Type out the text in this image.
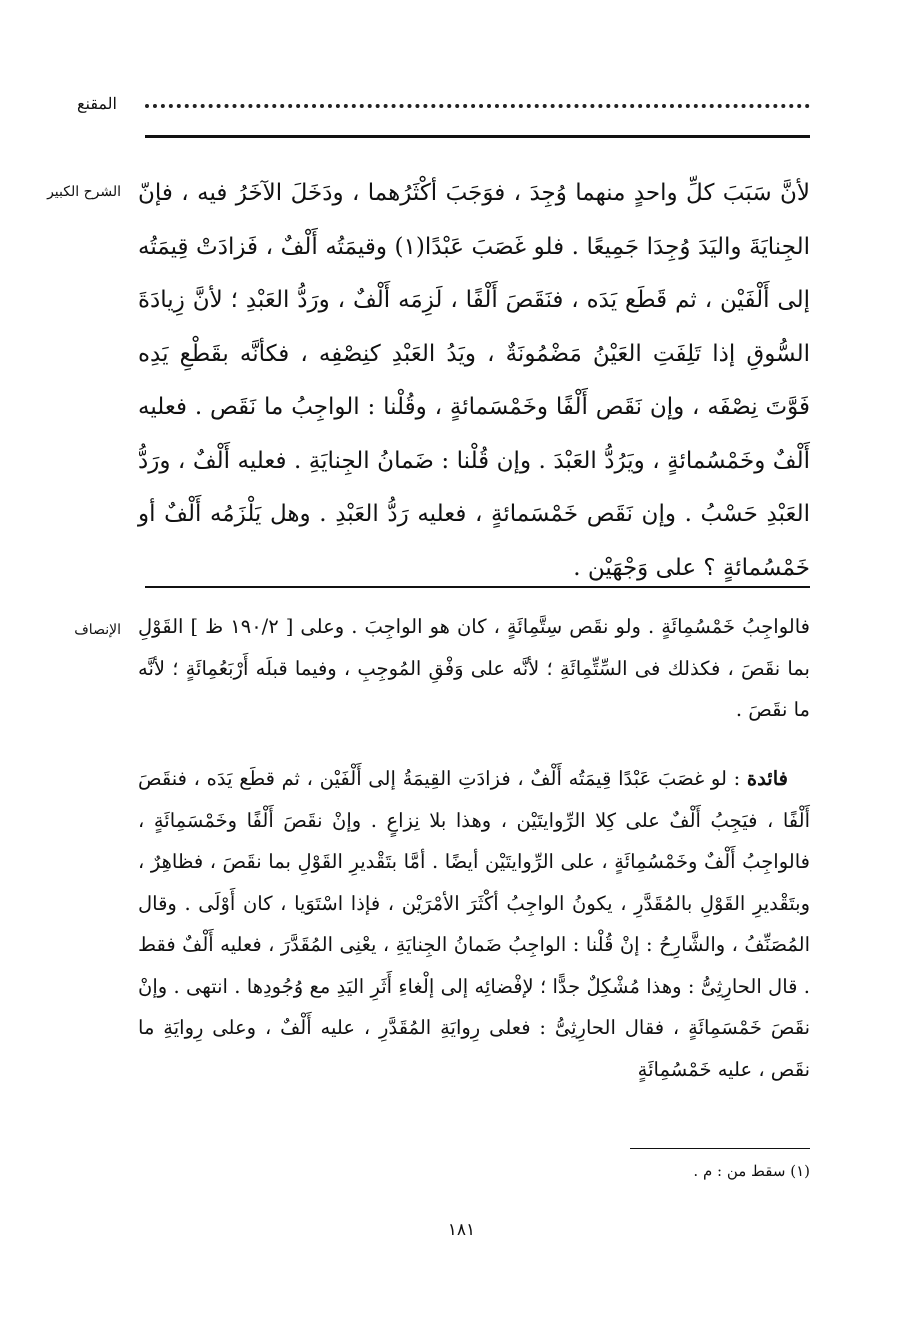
المقنع
الشرح الكبير لأنَّ سَبَبَ كلِّ واحدٍ منهما وُجِدَ ، فوَجَبَ أكْثَرُهما ، ودَخَلَ الآخَرُ فيه ، فإنّ الجِنايَةَ واليَدَ وُجِدَا جَمِيعًا . فلو غَصَبَ عَبْدًا(١) وقيمَتُه أَلْفٌ ، فَزادَتْ قِيمَتُه إلى أَلْفَيْن ، ثم قَطَع يَدَه ، فنَقَصَ أَلْفًا ، لَزِمَه أَلْفٌ ، ورَدُّ العَبْدِ ؛ لأنَّ زِيادَةَ السُّوقِ إذا تَلِفَتِ العَيْنُ مَضْمُونَةٌ ، ويَدُ العَبْدِ كنِصْفِه ، فكأنَّه بقَطْعِ يَدِه فَوَّتَ نِصْفَه ، وإن نَقَص أَلْفًا وخَمْسَمائةٍ ، وقُلْنا : الواجِبُ ما نَقَص . فعليه أَلْفٌ وخَمْسُمائةٍ ، ويَرُدُّ العَبْدَ . وإن قُلْنا : ضَمانُ الجِنايَةِ . فعليه أَلْفٌ ، ورَدُّ العَبْدِ حَسْبُ . وإن نَقَص خَمْسَمائةٍ ، فعليه رَدُّ العَبْدِ . وهل يَلْزَمُه أَلْفٌ أو خَمْسُمائةٍ ؟ على وَجْهَيْن .

الإنصاف فالواجِبُ خَمْسُمِائَةٍ . ولو نقَص سِتَّمِائَةٍ ، كان هو الواجِبَ . وعلى [ ١٩٠/٢ ظ ] القَوْلِ بما نقَصَ ، فكذلك فى السِّتِّمِائَةِ ؛ لأنَّه على وَفْقِ المُوجِبِ ، وفيما قبلَه أَرْبَعُمِائَةٍ ؛ لأنَّه ما نقَصَ .

فائدة : لو غصَبَ عَبْدًا قِيمَتُه أَلْفٌ ، فزادَتِ القِيمَةُ إلى أَلْفَيْن ، ثم قطَع يَدَه ، فنقَصَ أَلْفًا ، فيَجِبُ أَلْفٌ على كِلا الرِّوايتَيْن ، وهذا بلا نِزاعٍ . وإنْ نقَصَ أَلْفًا وخَمْسَمِائَةٍ ، فالواجِبُ أَلْفٌ وخَمْسُمِائَةٍ ، على الرِّوايتَيْن أيضًا . أمَّا بتَقْديرِ القَوْلِ بما نقَصَ ، فظاهِرٌ ، وبتَقْديرِ القَوْلِ بالمُقَدَّرِ ، يكونُ الواجِبُ أكْثَرَ الأمْرَيْن ، فإذا اسْتَوَيا ، كان أَوْلَى . وقال المُصَنِّفُ ، والشَّارِحُ : إنْ قُلْنا : الواجِبُ ضَمانُ الجِنايَةِ ، يعْنِى المُقَدَّرَ ، فعليه أَلْفٌ فقط . قال الحارِثِىُّ : وهذا مُشْكِلٌ جدًّا ؛ لإفْضائِه إلى إلْغاءِ أَثَرِ اليَدِ مع وُجُودِها . انتهى . وإنْ نقَصَ خَمْسَمِائَةٍ ، فقال الحارِثِىُّ : فعلى رِوايَةِ المُقَدَّرِ ، عليه أَلْفٌ ، وعلى رِوايَةِ ما نقَص ، عليه خَمْسُمِائَةٍ

(١) سقط من : م .
١٨١
